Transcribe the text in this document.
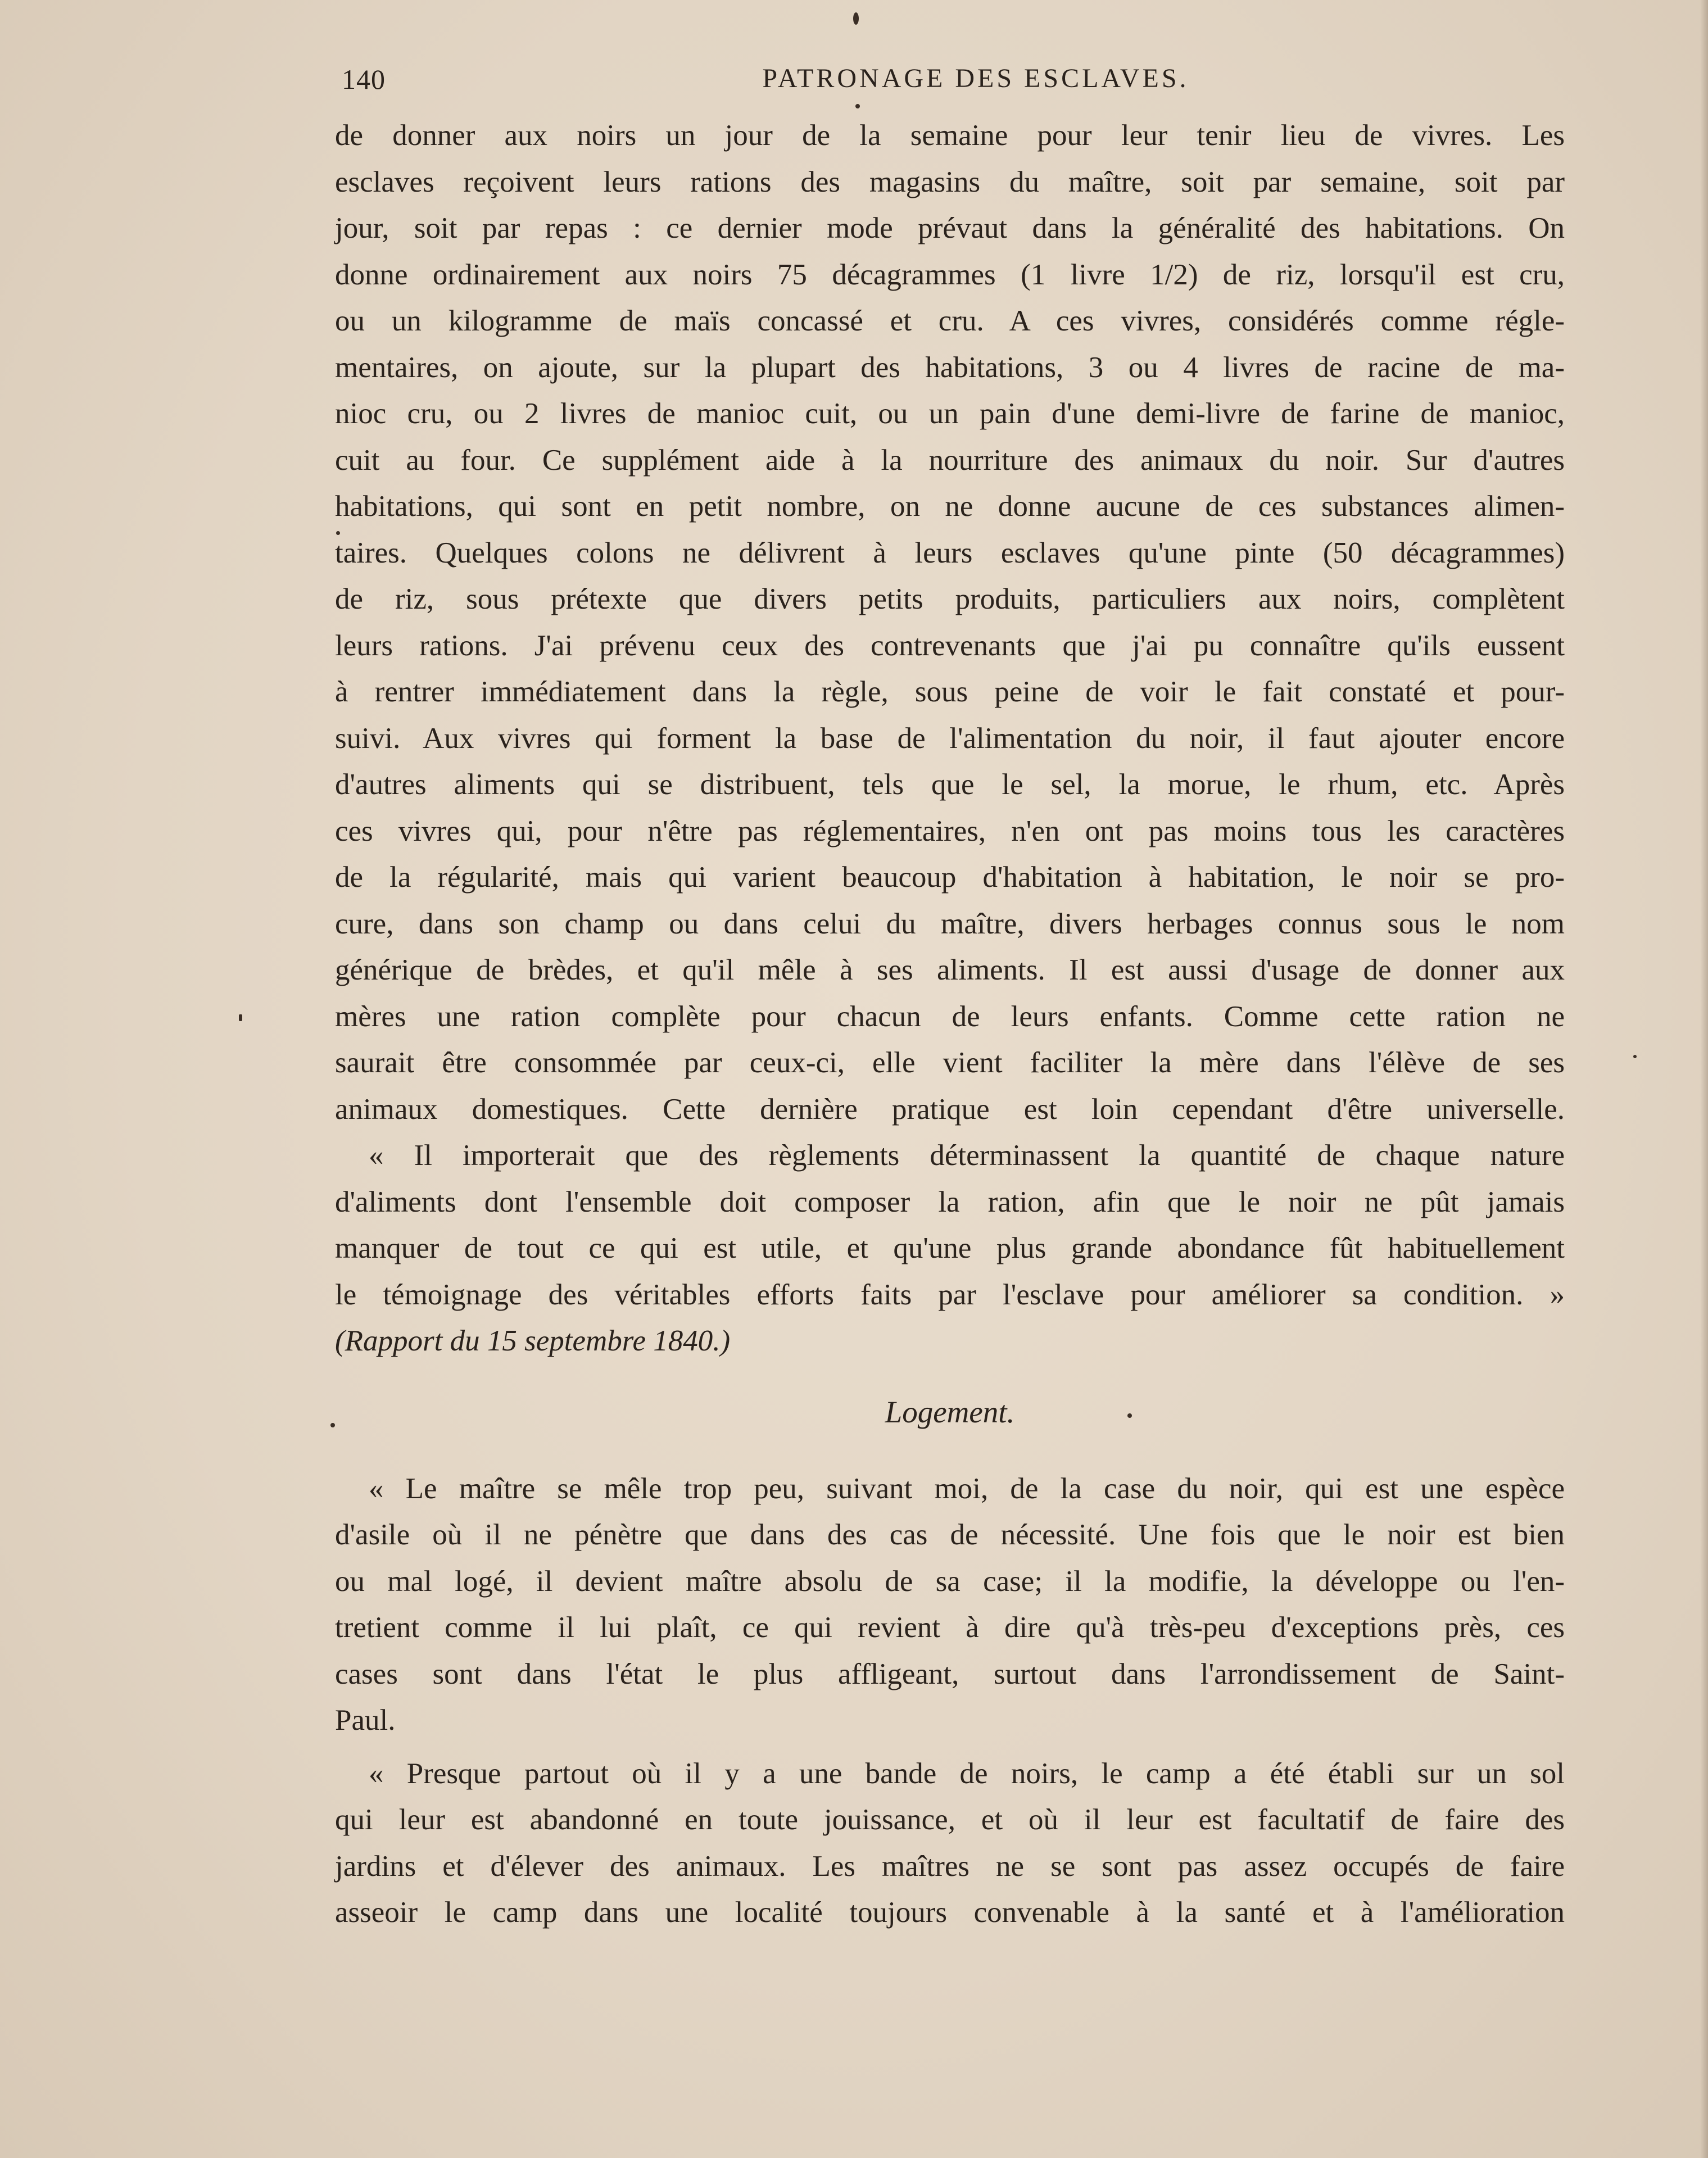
140	PATRONAGE DES ESCLAVES.
de donner aux noirs un jour de la semaine pour leur tenir lieu de vivres. Les
esclaves reçoivent leurs rations des magasins du maître, soit par semaine, soit par
jour, soit par repas : ce dernier mode prévaut dans la généralité des habitations. On
donne ordinairement aux noirs 75 décagrammes (1 livre 1/2) de riz, lorsqu'il est cru,
ou un kilogramme de maïs concassé et cru. A ces vivres, considérés comme régle-
mentaires, on ajoute, sur la plupart des habitations, 3 ou 4 livres de racine de ma-
nioc cru, ou 2 livres de manioc cuit, ou un pain d'une demi-livre de farine de manioc,
cuit au four. Ce supplément aide à la nourriture des animaux du noir. Sur d'autres
habitations, qui sont en petit nombre, on ne donne aucune de ces substances alimen-
taires. Quelques colons ne délivrent à leurs esclaves qu'une pinte (50 décagrammes)
de riz, sous prétexte que divers petits produits, particuliers aux noirs, complètent
leurs rations. J'ai prévenu ceux des contrevenants que j'ai pu connaître qu'ils eussent
à rentrer immédiatement dans la règle, sous peine de voir le fait constaté et pour-
suivi. Aux vivres qui forment la base de l'alimentation du noir, il faut ajouter encore
d'autres aliments qui se distribuent, tels que le sel, la morue, le rhum, etc. Après
ces vivres qui, pour n'être pas réglementaires, n'en ont pas moins tous les caractères
de la régularité, mais qui varient beaucoup d'habitation à habitation, le noir se pro-
cure, dans son champ ou dans celui du maître, divers herbages connus sous le nom
générique de brèdes, et qu'il mêle à ses aliments. Il est aussi d'usage de donner aux
mères une ration complète pour chacun de leurs enfants. Comme cette ration ne
saurait être consommée par ceux-ci, elle vient faciliter la mère dans l'élève de ses
animaux domestiques. Cette dernière pratique est loin cependant d'être universelle.
« Il importerait que des règlements déterminassent la quantité de chaque nature
d'aliments dont l'ensemble doit composer la ration, afin que le noir ne pût jamais
manquer de tout ce qui est utile, et qu'une plus grande abondance fût habituellement
le témoignage des véritables efforts faits par l'esclave pour améliorer sa condition. »
(Rapport du 15 septembre 1840.)
Logement.
« Le maître se mêle trop peu, suivant moi, de la case du noir, qui est une espèce
d'asile où il ne pénètre que dans des cas de nécessité. Une fois que le noir est bien
ou mal logé, il devient maître absolu de sa case; il la modifie, la développe ou l'en-
tretient comme il lui plaît, ce qui revient à dire qu'à très-peu d'exceptions près, ces
cases sont dans l'état le plus affligeant, surtout dans l'arrondissement de Saint-
Paul.
« Presque partout où il y a une bande de noirs, le camp a été établi sur un sol
qui leur est abandonné en toute jouissance, et où il leur est facultatif de faire des
jardins et d'élever des animaux. Les maîtres ne se sont pas assez occupés de faire
asseoir le camp dans une localité toujours convenable à la santé et à l'amélioration
